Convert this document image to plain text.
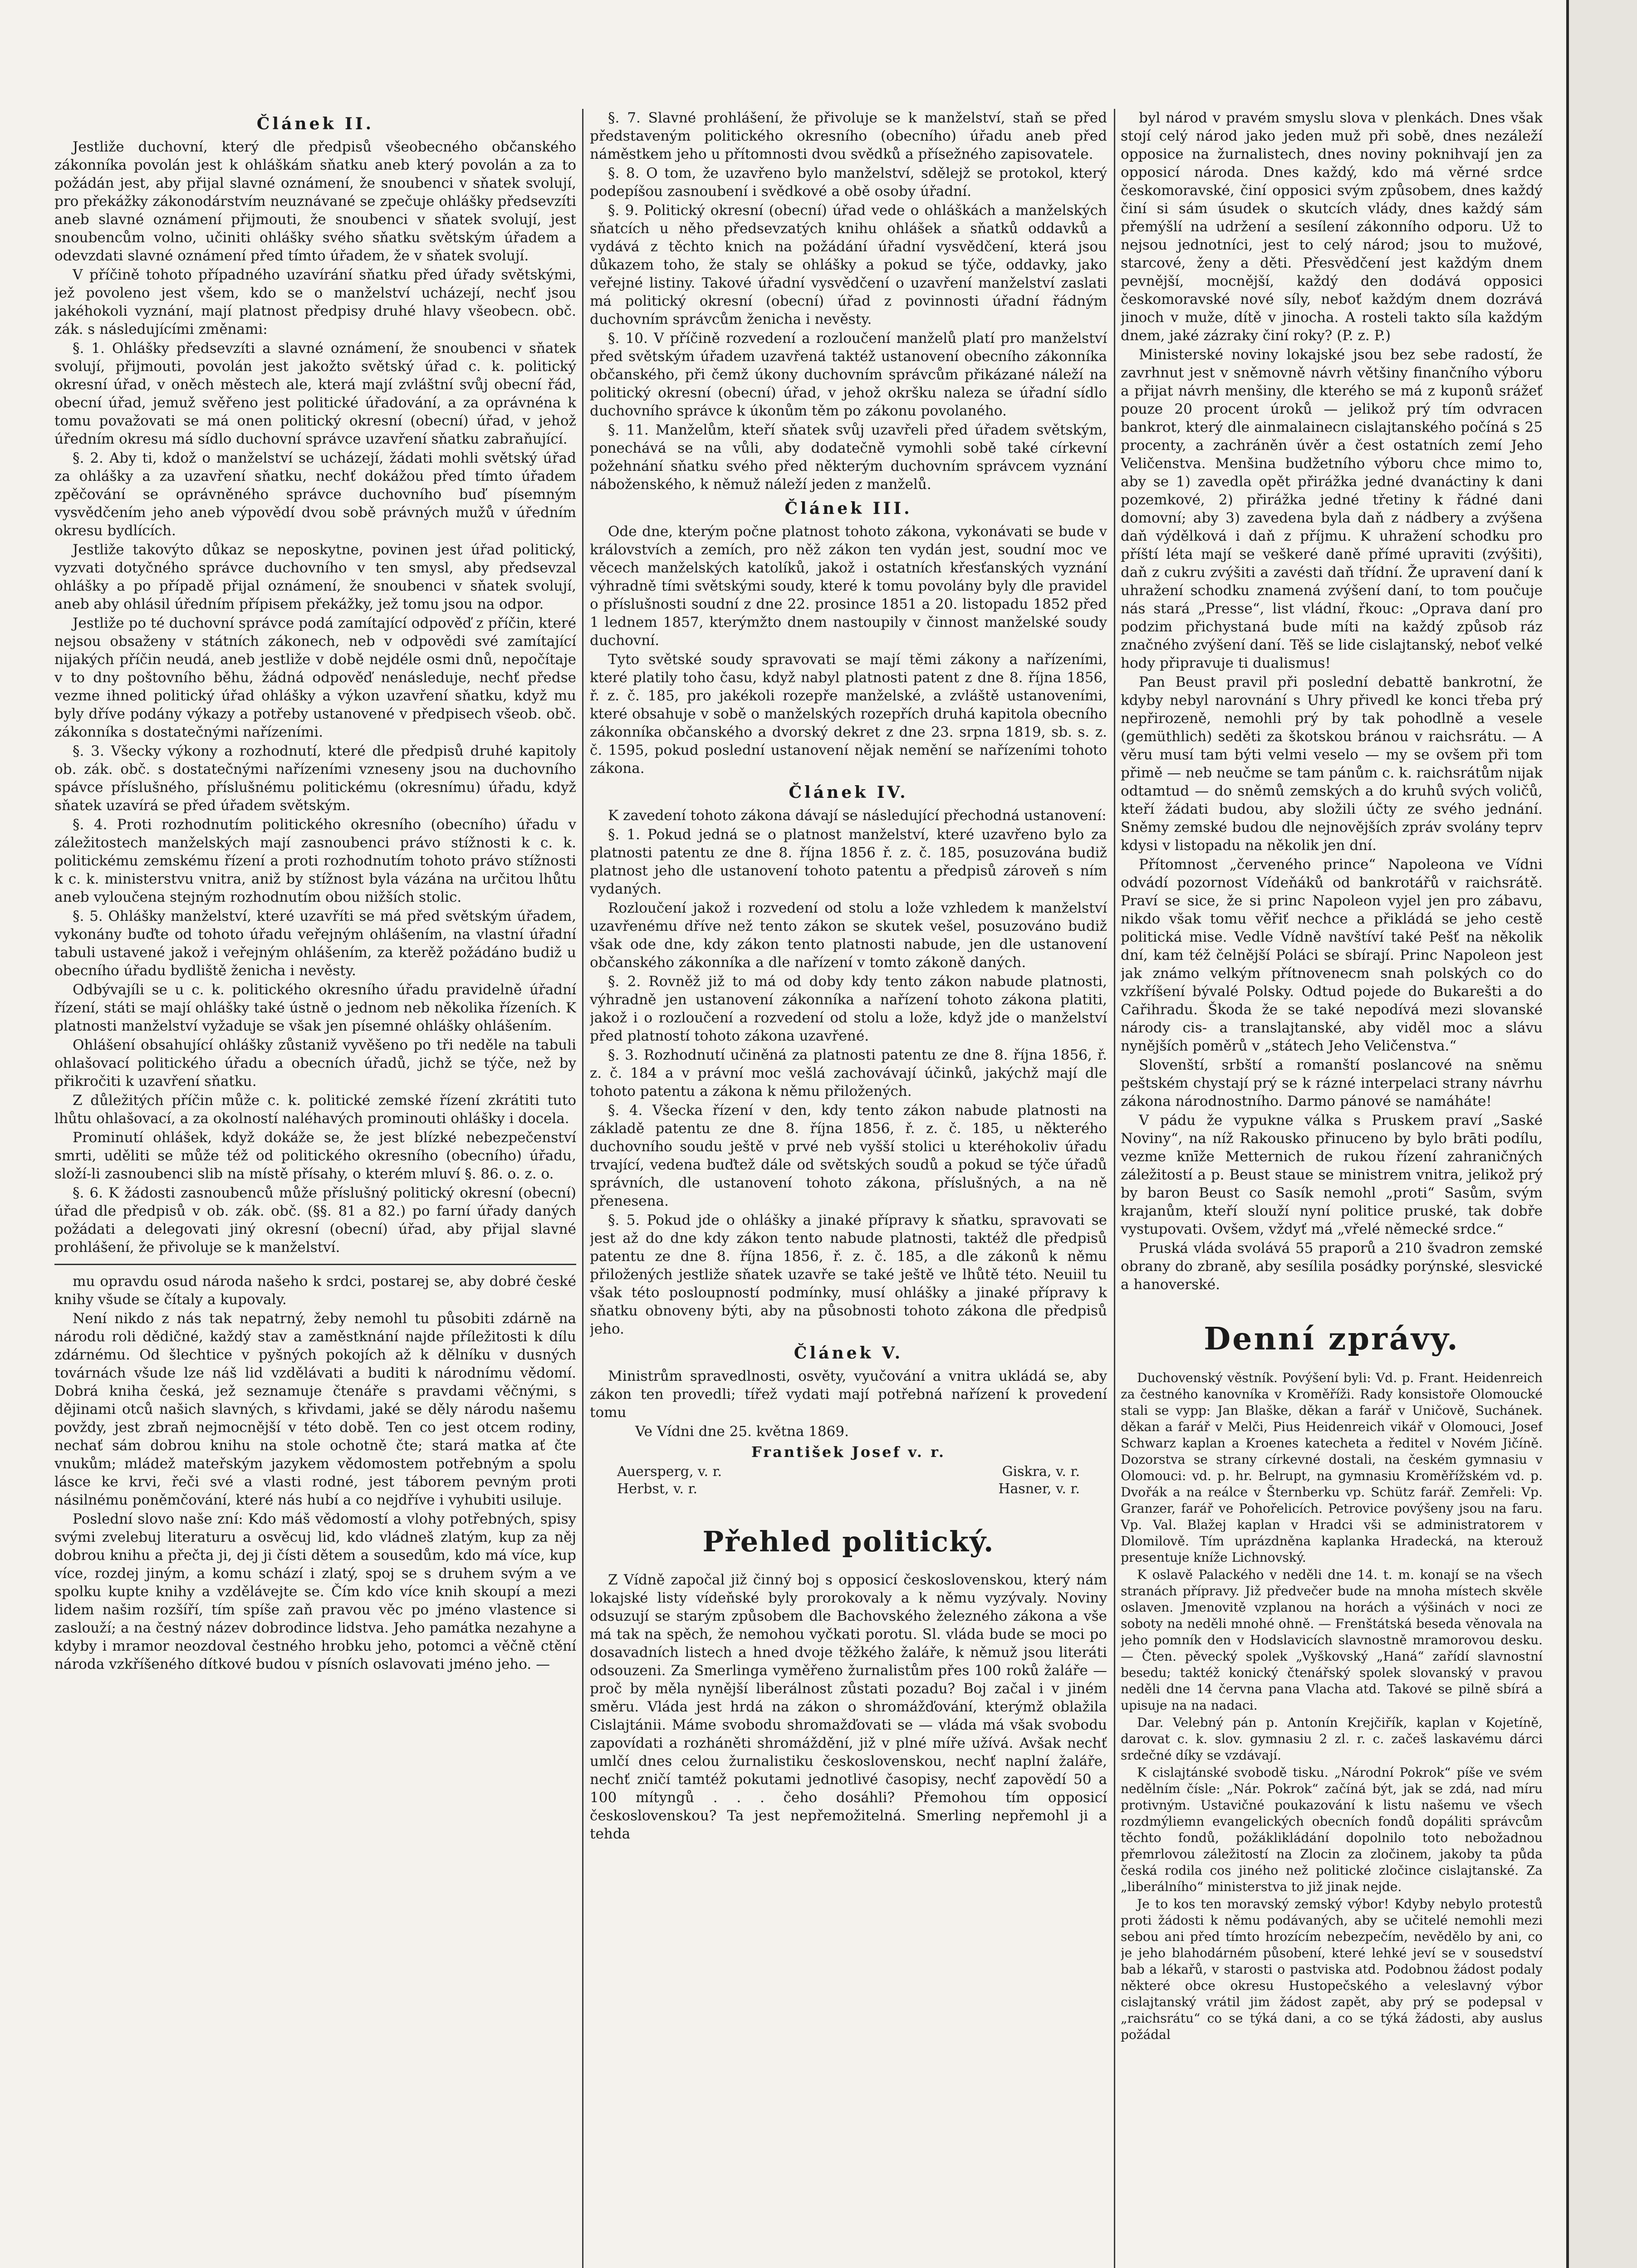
Článek II.

Jestliže duchovní, který dle předpisů všeobecného občanského zákonníka povolán jest k ohláškám sňatku aneb který povolán a za to požádán jest, aby přijal slavné oznámení, že snoubenci v sňatek svolují, pro překážky zákonodárstvím neuznávané se zpečuje ohlášky předsevzíti aneb slavné oznámení přijmouti, že snoubenci v sňatek svolují, jest snoubencům volno, učiniti ohlášky svého sňatku světským úřadem a odevzdati slavné oznámení před tímto úřadem, že v sňatek svolují.

V příčině tohoto případného uzavírání sňatku před úřady světskými, jež povoleno jest všem, kdo se o manželství ucházejí, nechť jsou jakéhokoli vyznání, mají platnost předpisy druhé hlavy všeobecn. obč. zák. s následujícími změnami:

§. 1. Ohlášky předsevzíti a slavné oznámení, že snoubenci v sňatek svolují, přijmouti, povolán jest jakožto světský úřad c. k. politický okresní úřad, v oněch městech ale, která mají zvláštní svůj obecní řád, obecní úřad, jemuž svěřeno jest politické úřadování, a za oprávnéna k tomu považovati se má onen politický okresní (obecní) úřad, v jehož úředním okresu má sídlo duchovní správce uzavření sňatku zabraňující.

§. 2. Aby ti, kdož o manželství se ucházejí, žádati mohli světský úřad za ohlášky a za uzavření sňatku, nechť dokážou před tímto úřadem zpěčování se oprávněného správce duchovního buď písemným vysvědčením jeho aneb výpovědí dvou sobě právných mužů v úředním okresu bydlících.

Jestliže takovýto důkaz se neposkytne, povinen jest úřad politický, vyzvati dotyčného správce duchovního v ten smysl, aby předsevzal ohlášky a po případě přijal oznámení, že snoubenci v sňatek svolují, aneb aby ohlásil úředním přípisem překážky, jež tomu jsou na odpor.

Jestliže po té duchovní správce podá zamítající odpověď z příčin, které nejsou obsaženy v státních zákonech, neb v odpovědi své zamítající nijakých příčin neudá, aneb jestliže v době nejdéle osmi dnů, nepočítaje v to dny poštovního běhu, žádná odpověď nenásleduje, nechť předse vezme ihned politický úřad ohlášky a výkon uzavření sňatku, když mu byly dříve podány výkazy a potřeby ustanovené v předpisech všeob. obč. zákonníka s dostatečnými nařízeními.

§. 3. Všecky výkony a rozhodnutí, které dle předpisů druhé kapitoly ob. zák. obč. s dostatečnými nařízeními vzneseny jsou na duchovního spávce příslušného, příslušnému politickému (okresnímu) úřadu, když sňatek uzavírá se před úřadem světským.

§. 4. Proti rozhodnutím politického okresního (obecního) úřadu v záležitostech manželských mají zasnoubenci právo stížnosti k c. k. politickému zemskému řízení a proti rozhodnutím tohoto právo stížnosti k c. k. ministerstvu vnitra, aniž by stížnost byla vázána na určitou lhůtu aneb vyloučena stejným rozhodnutím obou nižších stolic.

§. 5. Ohlášky manželství, které uzavříti se má před světským úřadem, vykonány buďte od tohoto úřadu veřejným ohlášením, na vlastní úřadní tabuli ustavené jakož i veřejným ohlášením, za kterěž požádáno budiž u obecního úřadu bydliště ženicha i nevěsty.

Odbývajíli se u c. k. politického okresního úřadu pravidelně úřadní řízení, státi se mají ohlášky také ústně o jednom neb několika řízeních. K platnosti manželství vyžaduje se však jen písemné ohlášky ohlášením.

Ohlášení obsahující ohlášky zůstaniž vyvěšeno po tři neděle na tabuli ohlašovací politického úřadu a obecních úřadů, jichž se týče, než by přikročiti k uzavření sňatku.

Z důležitých příčin může c. k. politické zemské řízení zkrátiti tuto lhůtu ohlašovací, a za okolností naléhavých prominouti ohlášky i docela.

Prominutí ohlášek, když dokáže se, že jest blízké nebezpečenství smrti, uděliti se může též od politického okresního (obecního) úřadu, složí-li zasnoubenci slib na místě přísahy, o kterém mluví §. 86. o. z. o.

§. 6. K žádosti zasnoubenců může příslušný politický okresní (obecní) úřad dle předpisů v ob. zák. obč. (§§. 81 a 82.) po farní úřady daných požádati a delegovati jiný okresní (obecní) úřad, aby přijal slavné prohlášení, že přivoluje se k manželství.

mu opravdu osud národa našeho k srdci, postarej se, aby dobré české knihy všude se čítaly a kupovaly.

Není nikdo z nás tak nepatrný, žeby nemohl tu působiti zdárně na národu roli dědičné, každý stav a zaměstknání najde příležitosti k dílu zdárnému. Od šlechtice v pyšných pokojích až k dělníku v dusných továrnách všude lze náš lid vzdělávati a buditi k národnímu vědomí. Dobrá kniha česká, jež seznamuje čtenáře s pravdami věčnými, s dějinami otců našich slavných, s křivdami, jaké se děly národu našemu povždy, jest zbraň nejmocnější v této době. Ten co jest otcem rodiny, nechať sám dobrou knihu na stole ochotně čte; stará matka ať čte vnukům; mládež mateřským jazykem vědomostem potřebným a spolu lásce ke krvi, řeči své a vlasti rodné, jest táborem pevným proti násilnému poněmčování, které nás hubí a co nejdříve i vyhubiti usiluje.

Poslední slovo naše zní: Kdo máš vědomostí a vlohy potřebných, spisy svými zvelebuj literaturu a osvěcuj lid, kdo vládneš zlatým, kup za něj dobrou knihu a přečta ji, dej ji čísti dětem a sousedům, kdo má více, kup více, rozdej jiným, a komu schází i zlatý, spoj se s druhem svým a ve spolku kupte knihy a vzdělávejte se. Čím kdo více knih skoupí a mezi lidem našim rozšíří, tím spíše zaň pravou věc po jméno vlastence si zaslouží; a na čestný název dobrodince lidstva. Jeho památka nezahyne a kdyby i mramor neozdoval čestného hrobku jeho, potomci a věčně ctění národa vzkříšeného dítkové budou v písních oslavovati jméno jeho. —

§. 7. Slavné prohlášení, že přivoluje se k manželství, staň se před představeným politického okresního (obecního) úřadu aneb před náměstkem jeho u přítomnosti dvou svědků a přísežného zapisovatele.

§. 8. O tom, že uzavřeno bylo manželství, sdělejž se protokol, který podepíšou zasnoubení i svědkové a obě osoby úřadní.

§. 9. Politický okresní (obecní) úřad vede o ohláškách a manželských sňatcích u něho předsevzatých knihu ohlášek a sňatků oddavků a vydává z těchto knich na požádání úřadní vysvědčení, která jsou důkazem toho, že staly se ohlášky a pokud se týče, oddavky, jako veřejné listiny. Takové úřadní vysvědčení o uzavření manželství zaslati má politický okresní (obecní) úřad z povinnosti úřadní řádným duchovním správcům ženicha i nevěsty.

§. 10. V příčině rozvedení a rozloučení manželů platí pro manželství před světským úřadem uzavřená taktéž ustanovení obecního zákonníka občanského, při čemž úkony duchovním správcům přikázané náleží na politický okresní (obecní) úřad, v jehož okršku naleza se úřadní sídlo duchovního správce k úkonům těm po zákonu povolaného.

§. 11. Manželům, kteří sňatek svůj uzavřeli před úřadem světským, ponechává se na vůli, aby dodatečně vymohli sobě také církevní požehnání sňatku svého před některým duchovním správcem vyznání náboženského, k němuž náleží jeden z manželů.

Článek III.

Ode dne, kterým počne platnost tohoto zákona, vykonávati se bude v královstvích a zemích, pro něž zákon ten vydán jest, soudní moc ve věcech manželských katolíků, jakož i ostatních křesťanských vyznání výhradně tími světskými soudy, které k tomu povolány byly dle pravidel o příslušnosti soudní z dne 22. prosince 1851 a 20. listopadu 1852 před 1 lednem 1857, kterýmžto dnem nastoupily v činnost manželské soudy duchovní.

Tyto světské soudy spravovati se mají těmi zákony a nařízeními, které platily toho času, když nabyl platnosti patent z dne 8. října 1856, ř. z. č. 185, pro jakékoli rozepře manželské, a zvláště ustanoveními, které obsahuje v sobě o manželských rozepřích druhá kapitola obecního zákonníka občanského a dvorský dekret z dne 23. srpna 1819, sb. s. z. č. 1595, pokud poslední ustanovení nějak nemění se nařízeními tohoto zákona.

Článek IV.

K zavedení tohoto zákona dávají se následující přechodná ustanovení:

§. 1. Pokud jedná se o platnost manželství, které uzavřeno bylo za platnosti patentu ze dne 8. října 1856 ř. z. č. 185, posuzována budiž platnost jeho dle ustanovení tohoto patentu a předpisů zároveň s ním vydaných.

Rozloučení jakož i rozvedení od stolu a lože vzhledem k manželství uzavřenému dříve než tento zákon se skutek vešel, posuzováno budiž však ode dne, kdy zákon tento platnosti nabude, jen dle ustanovení občanského zákonníka a dle nařízení v tomto zákoně daných.

§. 2. Rovněž již to má od doby kdy tento zákon nabude platnosti, výhradně jen ustanovení zákonníka a nařízení tohoto zákona platiti, jakož i o rozloučení a rozvedení od stolu a lože, když jde o manželství před platností tohoto zákona uzavřené.

§. 3. Rozhodnutí učiněná za platnosti patentu ze dne 8. října 1856, ř. z. č. 184 a v právní moc vešlá zachovávají účinků, jakýchž mají dle tohoto patentu a zákona k němu přiložených.

§. 4. Všecka řízení v den, kdy tento zákon nabude platnosti na základě patentu ze dne 8. října 1856, ř. z. č. 185, u některého duchovního soudu ještě v prvé neb vyšší stolici u kteréhokoliv úřadu trvající, vedena buďtež dále od světských soudů a pokud se týče úřadů správních, dle ustanovení tohoto zákona, příslušných, a na ně přenesena.

§. 5. Pokud jde o ohlášky a jinaké přípravy k sňatku, spravovati se jest až do dne kdy zákon tento nabude platnosti, taktéž dle předpisů patentu ze dne 8. října 1856, ř. z. č. 185, a dle zákonů k němu přiložených jestliže sňatek uzavře se také ještě ve lhůtě této. Neuiil tu však této posloupností podmínky, musí ohlášky a jinaké přípravy k sňatku obnoveny býti, aby na působnosti tohoto zákona dle předpisů jeho.

Článek V.

Ministrům spravedlnosti, osvěty, vyučování a vnitra ukládá se, aby zákon ten provedli; tířež vydati mají potřebná nařízení k provedení tomu

Ve Vídni dne 25. května 1869.
František Josef v. r.
Auersperg, v. r.	Giskra, v. r.
Herbst, v. r.	Hasner, v. r.
Přehled politický.

Z Vídně započal již činný boj s opposicí československou, který nám lokajské listy vídeňské byly prorokovaly a k němu vyzývaly. Noviny odsuzují se starým způsobem dle Bachovského železného zákona a vše má tak na spěch, že nemohou vyčkati porotu. Sl. vláda bude se moci po dosavadních listech a hned dvoje těžkého žaláře, k němuž jsou literáti odsouzeni. Za Smerlinga vyměřeno žurnalistům přes 100 roků žaláře — proč by měla nynější liberálnost zůstati pozadu? Boj začal i v jiném směru. Vláda jest hrdá na zákon o shromážďování, kterýmž oblažila Cislajtánii. Máme svobodu shromažďovati se — vláda má však svobodu zapovídati a rozháněti shromáždění, již v plné míře užívá. Avšak nechť umlčí dnes celou žurnalistiku československou, nechť naplní žaláře, nechť zničí tamtéž pokutami jednotlivé časopisy, nechť zapovědí 50 a 100 mítyngů . . . čeho dosáhli? Přemohou tím opposicí československou? Ta jest nepřemožitelná. Smerling nepřemohl ji a tehda

byl národ v pravém smyslu slova v plenkách. Dnes však stojí celý národ jako jeden muž při sobě, dnes nezáleží opposice na žurnalistech, dnes noviny poknihvají jen za opposicí národa. Dnes každý, kdo má věrné srdce českomoravské, činí opposici svým způsobem, dnes každý činí si sám úsudek o skutcích vlády, dnes každý sám přemýšlí na udržení a sesílení zákonního odporu. Už to nejsou jednotníci, jest to celý národ; jsou to mužové, starcové, ženy a děti. Přesvědčení jest každým dnem pevnější, mocnější, každý den dodává opposici českomoravské nové síly, neboť každým dnem dozrává jinoch v muže, dítě v jinocha. A rosteli takto síla každým dnem, jaké zázraky činí roky? (P. z. P.)

Ministerské noviny lokajské jsou bez sebe radostí, že zavrhnut jest v sněmovně návrh většiny finančního výboru a přijat návrh menšiny, dle kterého se má z kuponů srážeť pouze 20 procent úroků — jelikož prý tím odvracen bankrot, který dle ainmalainecn cislajtanského počíná s 25 procenty, a zachráněn úvěr a čest ostatních zemí Jeho Veličenstva. Menšina budžetního výboru chce mimo to, aby se 1) zavedla opět přirážka jedné dvanáctiny k dani pozemkové, 2) přirážka jedné třetiny k řádné dani domovní; aby 3) zavedena byla daň z nádbery a zvýšena daň výdělková i daň z příjmu. K uhražení schodku pro příští léta mají se veškeré daně přímé upraviti (zvýšiti), daň z cukru zvýšiti a zavésti daň třídní. Že upravení daní k uhražení schodku znamená zvýšení daní, to tom poučuje nás stará „Presse“, list vládní, řkouc: „Oprava daní pro podzim přichystaná bude míti na každý způsob ráz značného zvýšení daní. Těš se lide cislajtanský, neboť velké hody připravuje ti dualismus!

Pan Beust pravil při poslední debattě bankrotní, že kdyby nebyl narovnání s Uhry přivedl ke konci třeba prý nepřirozeně, nemohli prý by tak pohodlně a vesele (gemüthlich) seděti za škotskou bránou v raichsrátu. — A věru musí tam býti velmi veselo — my se ovšem při tom přimě — neb neučme se tam pánům c. k. raichsrátům nijak odtamtud — do sněmů zemských a do kruhů svých voličů, kteří žádati budou, aby složili účty ze svého jednání. Sněmy zemské budou dle nejnovějších zpráv svolány teprv kdysi v listopadu na několik jen dní.

Přítomnost „červeného prince“ Napoleona ve Vídni odvádí pozornost Vídeňáků od bankrotářů v raichsrátě. Praví se sice, že si princ Napoleon vyjel jen pro zábavu, nikdo však tomu věřiť nechce a přikládá se jeho cestě politická mise. Vedle Vídně navštíví také Pešť na několik dní, kam též čelnější Poláci se sbírají. Princ Napoleon jest jak známo velkým přítnovenecm snah polských co do vzkříšení bývalé Polsky. Odtud pojede do Bukarešti a do Cařihradu. Škoda že se také nepodívá mezi slovanské národy cis- a translajtanské, aby viděl moc a slávu nynějších poměrů v „státech Jeho Veličenstva.“

Slovenští, srbští a romanští poslancové na sněmu peštském chystají prý se k rázné interpelaci strany návrhu zákona národnostního. Darmo pánové se namáháte!

V pádu že vypukne válka s Pruskem praví „Saské Noviny“, na níž Rakousko přinuceno by bylo brāti podílu, vezme knīže Metternich de rukou řízení zahraničných záležitostí a p. Beust staue se ministrem vnitra, jelikož prý by baron Beust co Sasík nemohl „proti“ Sasům, svým krajanům, kteří slouží nyní politice pruské, tak dobře vystupovati. Ovšem, vždyť má „vřelé německé srdce.“

Pruská vláda svolává 55 praporů a 210 švadron zemské obrany do zbraně, aby sesílila posádky porýnské, slesvické a hanoverské.

Denní zprávy.

Duchovenský věstník. Povýšení byli: Vd. p. Frant. Heidenreich za čestného kanovníka v Kroměříži. Rady konsistoře Olomoucké stali se vypp: Jan Blaške, děkan a farář v Uničově, Suchánek. děkan a farář v Melči, Pius Heidenreich vikář v Olomouci, Josef Schwarz kaplan a Kroenes katecheta a ředitel v Novém Jičíně. Dozorstva se strany církevné dostali, na českém gymnasiu v Olomouci: vd. p. hr. Belrupt, na gymnasiu Kroměřížském vd. p. Dvořák a na reálce v Šternberku vp. Schütz farář. Zemřeli: Vp. Granzer, farář ve Pohořelicích. Petrovice povýšeny jsou na faru. Vp. Val. Blažej kaplan v Hradci vši se administratorem v Dlomilově. Tím uprázdněna kaplanka Hradecká, na kterouž presentuje kníže Lichnovský.

K oslavě Palackého v neděli dne 14. t. m. konají se na všech stranách přípravy. Již předvečer bude na mnoha místech skvěle oslaven. Jmenovitě vzplanou na horách a výšinách v noci ze soboty na neděli mnohé ohně. — Frenštátská beseda věnovala na jeho pomník den v Hodslavicích slavnostně mramorovou desku. — Čten. pěvecký spolek „Vyškovský „Haná“ zařídí slavnostní besedu; taktéž konický čtenářský spolek slovanský v pravou neděli dne 14 června pana Vlacha atd. Takové se pilně sbírá a upisuje na na nadaci.

Dar. Velebný pán p. Antonín Krejčiřík, kaplan v Kojetíně, darovat c. k. slov. gymnasiu 2 zl. r. c. začeš laskavému dárci srdečné díky se vzdávají.

K cislajtánské svobodě tisku. „Národní Pokrok“ píše ve svém nedělním čísle: „Nár. Pokrok“ začíná být, jak se zdá, nad míru protivným. Ustavičné poukazování k listu našemu ve všech rozdmýliemn evangelických obecních fondů dopáliti správcům těchto fondů, požáklikládání dopolnilo toto nebožadnou přemrlovou záležitostí na Zlocin za zločinem, jakoby ta půda česká rodila cos jiného než politické zločince cislajtanské. Za „liberálního“ ministerstva to již jinak nejde.

Je to kos ten moravský zemský výbor! Kdyby nebylo protestů proti žádosti k němu podávaných, aby se učitelé nemohli mezi sebou ani před tímto hrozícím nebezpečím, nevědělo by ani, co je jeho blahodárném působení, které lehké jeví se v sousedství bab a lékařů, v starosti o pastviska atd. Podobnou žádost podaly některé obce okresu Hustopečského a veleslavný výbor cislajtanský vrátil jim žádost zapět, aby prý se podepsal v „raichsrátu“ co se týká dani, a co se týká žádosti, aby auslus požádal
